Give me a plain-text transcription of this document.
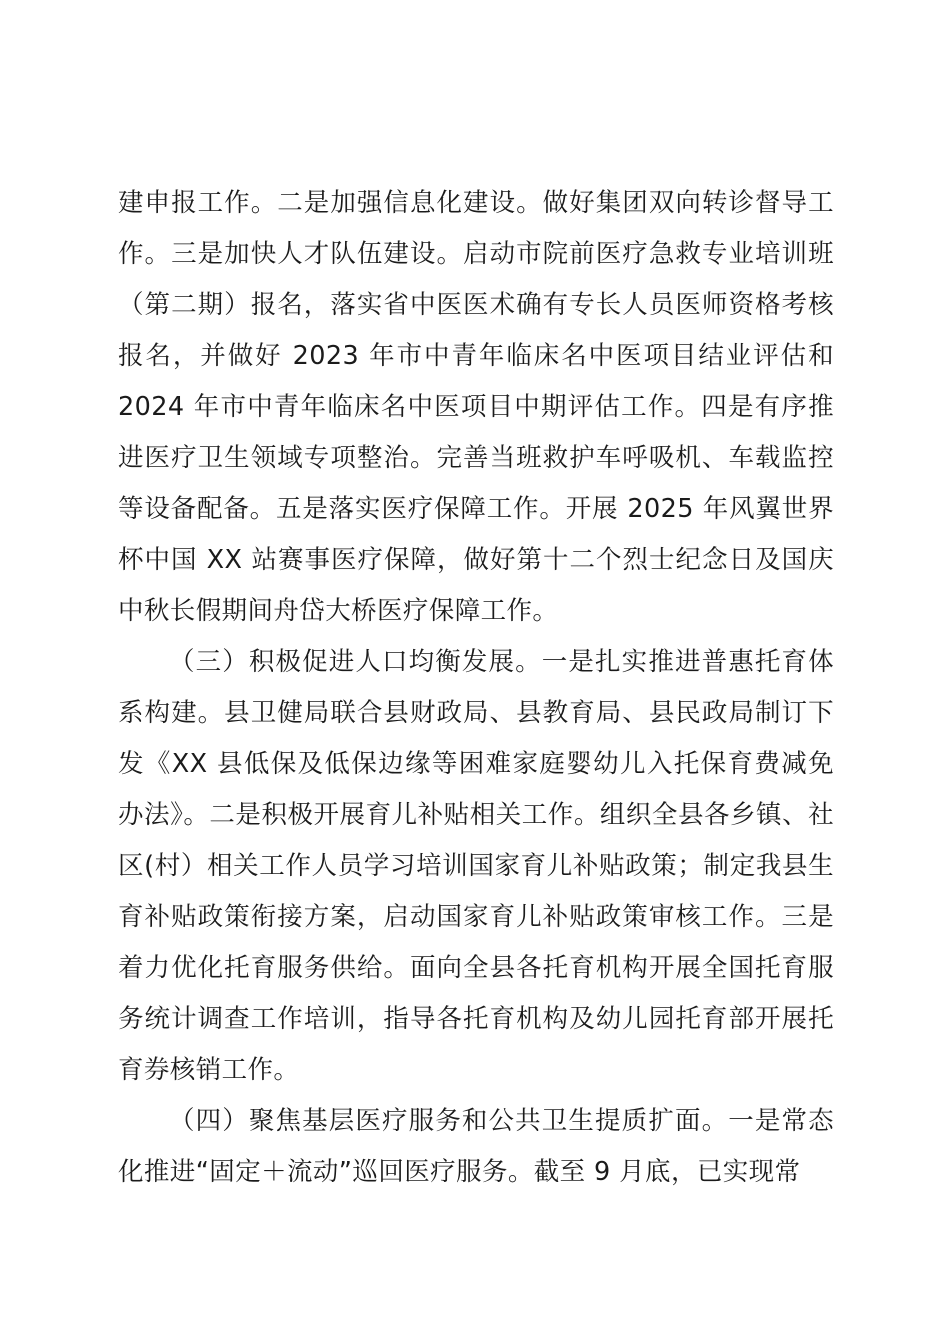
建申报工作。二是加强信息化建设。做好集团双向转诊督导工作。三是加快人才队伍建设。启动市院前医疗急救专业培训班（第二期）报名，落实省中医医术确有专长人员医师资格考核报名，并做好 2023 年市中青年临床名中医项目结业评估和 2024 年市中青年临床名中医项目中期评估工作。四是有序推进医疗卫生领域专项整治。完善当班救护车呼吸机、车载监控等设备配备。五是落实医疗保障工作。开展 2025 年风翼世界杯中国 XX 站赛事医疗保障，做好第十二个烈士纪念日及国庆中秋长假期间舟岱大桥医疗保障工作。

（三）积极促进人口均衡发展。一是扎实推进普惠托育体系构建。县卫健局联合县财政局、县教育局、县民政局制订下发《XX 县低保及低保边缘等困难家庭婴幼儿入托保育费减免办法》。二是积极开展育儿补贴相关工作。组织全县各乡镇、社区(村）相关工作人员学习培训国家育儿补贴政策；制定我县生育补贴政策衔接方案，启动国家育儿补贴政策审核工作。三是着力优化托育服务供给。面向全县各托育机构开展全国托育服务统计调查工作培训，指导各托育机构及幼儿园托育部开展托育券核销工作。

（四）聚焦基层医疗服务和公共卫生提质扩面。一是常态化推进“固定＋流动”巡回医疗服务。截至 9 月底，已实现常
